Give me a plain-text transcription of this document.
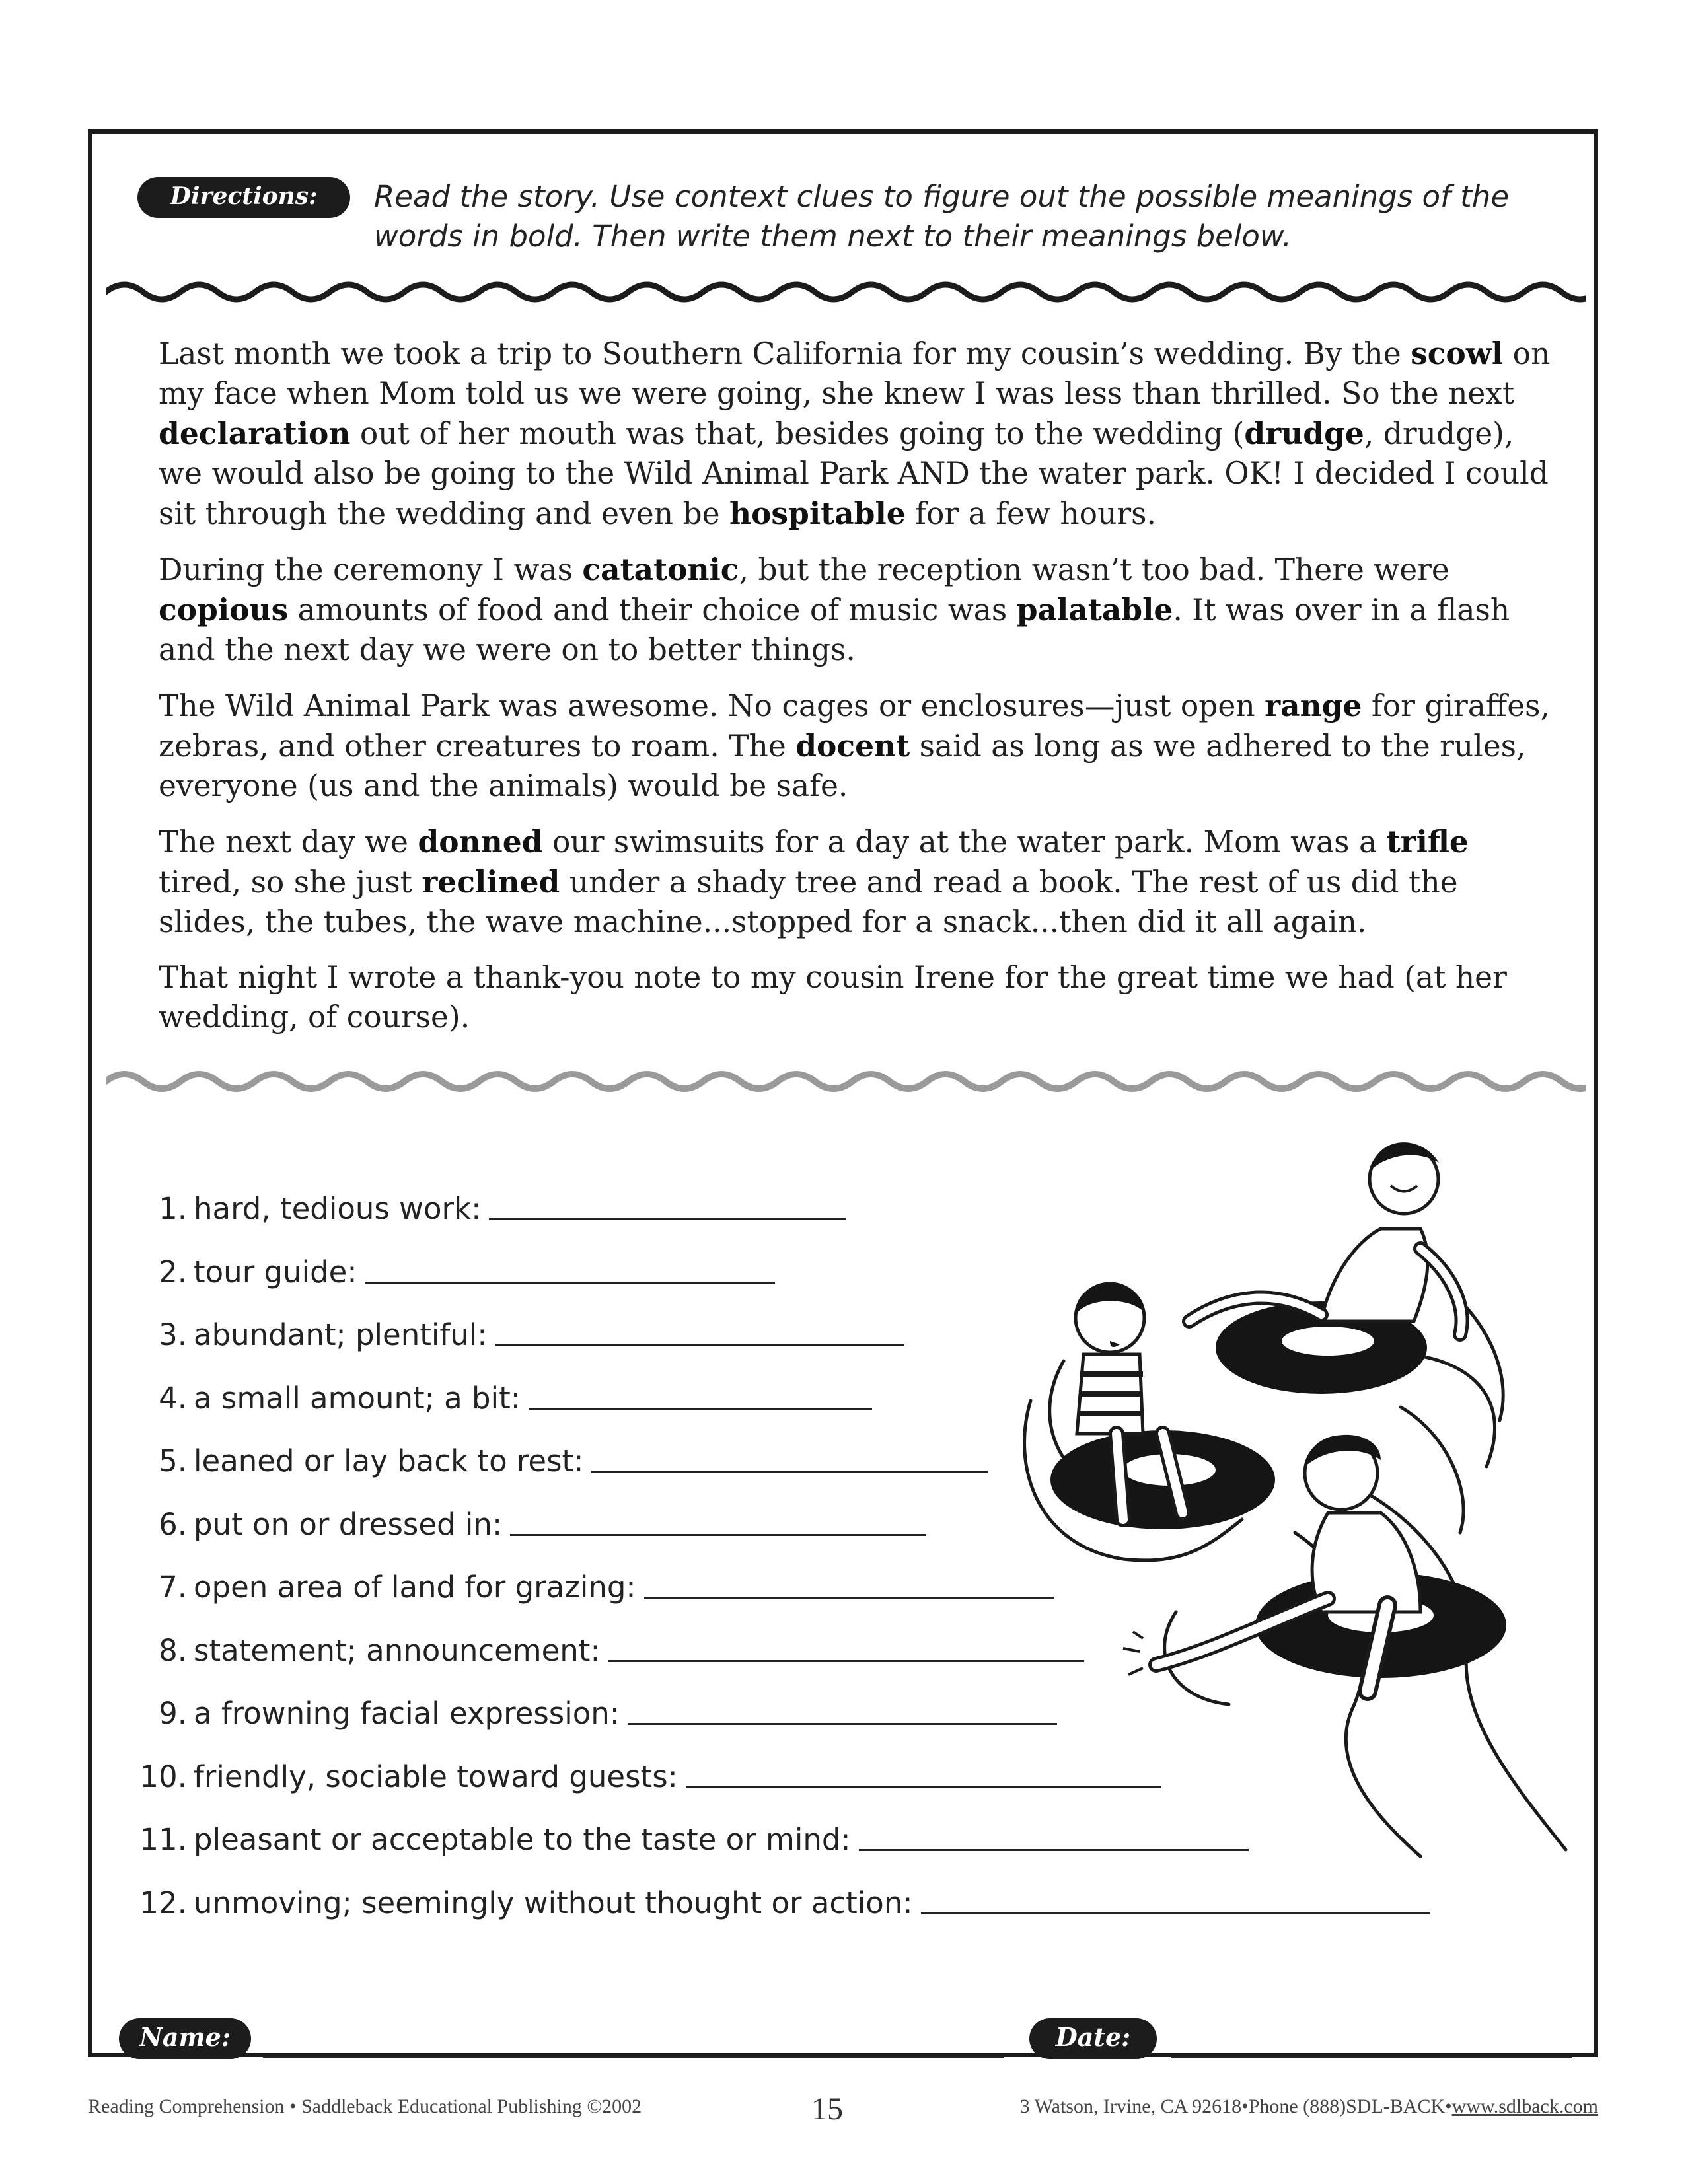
Directions:	Read the story. Use context clues to figure out the possible meanings of the words in bold. Then write them next to their meanings below.

Last month we took a trip to Southern California for my cousin’s wedding. By the scowl on my face when Mom told us we were going, she knew I was less than thrilled. So the next declaration out of her mouth was that, besides going to the wedding (drudge, drudge), we would also be going to the Wild Animal Park AND the water park. OK! I decided I could sit through the wedding and even be hospitable for a few hours.

During the ceremony I was catatonic, but the reception wasn’t too bad. There were copious amounts of food and their choice of music was palatable. It was over in a flash and the next day we were on to better things.

The Wild Animal Park was awesome. No cages or enclosures—just open range for giraffes, zebras, and other creatures to roam. The docent said as long as we adhered to the rules, everyone (us and the animals) would be safe.

The next day we donned our swimsuits for a day at the water park. Mom was a trifle tired, so she just reclined under a shady tree and read a book. The rest of us did the slides, the tubes, the wave machine...stopped for a snack...then did it all again.

That night I wrote a thank-you note to my cousin Irene for the great time we had (at her wedding, of course).

1. hard, tedious work:
2. tour guide:
3. abundant; plentiful:
4. a small amount; a bit:
5. leaned or lay back to rest:
6. put on or dressed in:
7. open area of land for grazing:
8. statement; announcement:
9. a frowning facial expression:
10. friendly, sociable toward guests:
11. pleasant or acceptable to the taste or mind:
12. unmoving; seemingly without thought or action:
Name:	Date:
Reading Comprehension • Saddleback Educational Publishing ©2002	15	3 Watson, Irvine, CA 92618•Phone (888)SDL-BACK•www.sdlback.com
